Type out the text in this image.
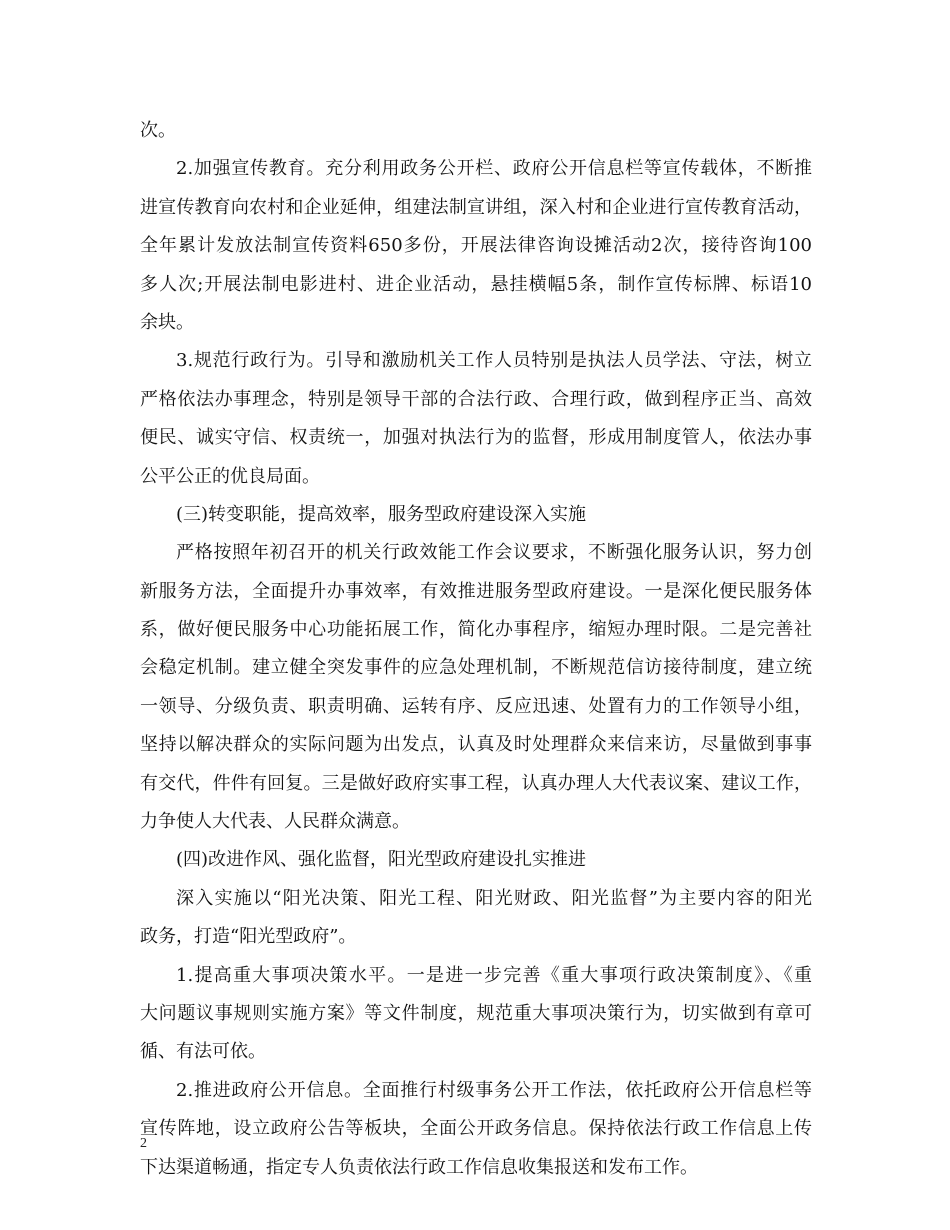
次。
2.加强宣传教育。充分利用政务公开栏、政府公开信息栏等宣传载体，不断推
进宣传教育向农村和企业延伸，组建法制宣讲组，深入村和企业进行宣传教育活动，
全年累计发放法制宣传资料650多份，开展法律咨询设摊活动2次，接待咨询100
多人次;开展法制电影进村、进企业活动，悬挂横幅5条，制作宣传标牌、标语10
余块。
3.规范行政行为。引导和激励机关工作人员特别是执法人员学法、守法，树立
严格依法办事理念，特别是领导干部的合法行政、合理行政，做到程序正当、高效
便民、诚实守信、权责统一，加强对执法行为的监督，形成用制度管人，依法办事
公平公正的优良局面。
(三)转变职能，提高效率，服务型政府建设深入实施
严格按照年初召开的机关行政效能工作会议要求，不断强化服务认识，努力创
新服务方法，全面提升办事效率，有效推进服务型政府建设。一是深化便民服务体
系，做好便民服务中心功能拓展工作，简化办事程序，缩短办理时限。二是完善社
会稳定机制。建立健全突发事件的应急处理机制，不断规范信访接待制度，建立统
一领导、分级负责、职责明确、运转有序、反应迅速、处置有力的工作领导小组，
坚持以解决群众的实际问题为出发点，认真及时处理群众来信来访，尽量做到事事
有交代，件件有回复。三是做好政府实事工程，认真办理人大代表议案、建议工作，
力争使人大代表、人民群众满意。
(四)改进作风、强化监督，阳光型政府建设扎实推进
深入实施以“阳光决策、阳光工程、阳光财政、阳光监督”为主要内容的阳光
政务，打造“阳光型政府”。
1.提高重大事项决策水平。一是进一步完善《重大事项行政决策制度》、《重
大问题议事规则实施方案》等文件制度，规范重大事项决策行为，切实做到有章可
循、有法可依。
2.推进政府公开信息。全面推行村级事务公开工作法，依托政府公开信息栏等
宣传阵地，设立政府公告等板块，全面公开政务信息。保持依法行政工作信息上传
下达渠道畅通，指定专人负责依法行政工作信息收集报送和发布工作。
2
